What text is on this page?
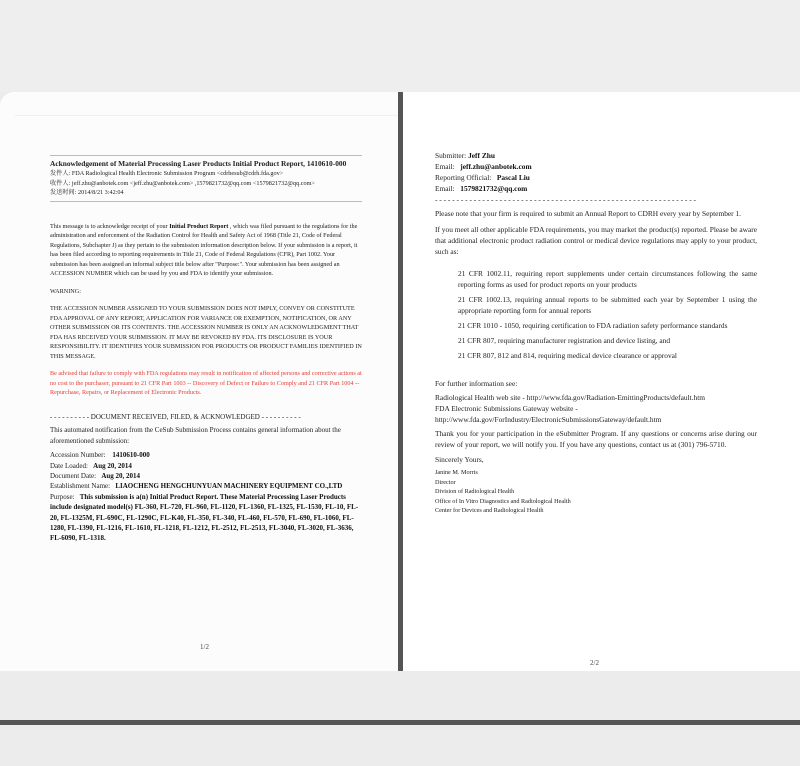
Acknowledgement of Material Processing Laser Products Initial Product Report, 1410610-000

发件人: FDA Radiological Health Electronic Submission Program <cdrhesub@cdrh.fda.gov>

收件人: jeff.zhu@anbotek.com <jeff.zhu@anbotek.com> ,1579821732@qq.com <1579821732@qq.com>

发送时间: 2014/8/21 3:42:04

This message is to acknowledge receipt of your Initial Product Report , which was filed pursuant to the regulations for the administration and enforcement of the Radiation Control for Health and Safety Act of 1968 (Title 21, Code of Federal Regulations, Subchapter J) as they pertain to the submission information description below. If your submission is a report, it has been filed according to reporting requirements in Title 21, Code of Federal Regulations (CFR), Part 1002. Your submission has been assigned an informal subject title below after "Purpose:". Your submission has been assigned an ACCESSION NUMBER which can be used by you and FDA to identify your submission.

WARNING:

THE ACCESSION NUMBER ASSIGNED TO YOUR SUBMISSION DOES NOT IMPLY, CONVEY OR CONSTITUTE FDA APPROVAL OF ANY REPORT, APPLICATION FOR VARIANCE OR EXEMPTION, NOTIFICATION, OR ANY OTHER SUBMISSION OR ITS CONTENTS. THE ACCESSION NUMBER IS ONLY AN ACKNOWLEDGMENT THAT FDA HAS RECEIVED YOUR SUBMISSION. IT MAY BE REVOKED BY FDA. ITS DISCLOSURE IS YOUR RESPONSIBILITY. IT IDENTIFIES YOUR SUBMISSION FOR PRODUCTS OR PRODUCT FAMILIES IDENTIFIED IN THIS MESSAGE.

Be advised that failure to comply with FDA regulations may result in notification of affected persons and corrective actions at no cost to the purchaser, pursuant to 21 CFR Part 1003 -- Discovery of Defect or Failure to Comply and 21 CFR Part 1004 -- Repurchase, Repairs, or Replacement of Electronic Products.

- - - - - - - - - - DOCUMENT RECEIVED, FILED, & ACKNOWLEDGED - - - - - - - - - -

This automated notification from the CeSub Submission Process contains general information about the aforementioned submission:

Accession Number: 1410610-000

Date Loaded: Aug 20, 2014

Document Date: Aug 20, 2014

Establishment Name: LIAOCHENG HENGCHUNYUAN MACHINERY EQUIPMENT CO.,LTD

Purpose: This submission is a(n) Initial Product Report. These Material Processing Laser Products include designated model(s) FL-360, FL-720, FL-960, FL-1120, FL-1360, FL-1325, FL-1530, FL-10, FL-20, FL-1325M, FL-690C, FL-1290C, FL-K40, FL-350, FL-340, FL-460, FL-570, FL-690, FL-1060, FL-1280, FL-1390, FL-1216, FL-1610, FL-1218, FL-1212, FL-2512, FL-2513, FL-3040, FL-3020, FL-3636, FL-6090, FL-1318.

1/2

Submitter: Jeff Zhu

Email: jeff.zhu@anbotek.com

Reporting Official: Pascal Liu

Email: 1579821732@qq.com

- - - - - - - - - - - - - - - - - - - - - - - - - - - - - - - - - - - - - - - - - - - - - - - - - - - - - - - - - - - - -

Please note that your firm is required to submit an Annual Report to CDRH every year by September 1.

If you meet all other applicable FDA requirements, you may market the product(s) reported. Please be aware that additional electronic product radiation control or medical device regulations may apply to your product, such as:

21 CFR 1002.11, requiring report supplements under certain circumstances following the same reporting forms as used for product reports on your products

21 CFR 1002.13, requiring annual reports to be submitted each year by September 1 using the appropriate reporting form for annual reports

21 CFR 1010 - 1050, requiring certification to FDA radiation safety performance standards

21 CFR 807, requiring manufacturer registration and device listing, and

21 CFR 807, 812 and 814, requiring medical device clearance or approval

For further information see:

Radiological Health web site - http://www.fda.gov/Radiation-EmittingProducts/default.htm

FDA Electronic Submissions Gateway website -

http://www.fda.gov/ForIndustry/ElectronicSubmissionsGateway/default.htm

Thank you for your participation in the eSubmitter Program. If any questions or concerns arise during our review of your report, we will notify you. If you have any questions, contact us at (301) 796-5710.

Sincerely Yours,

Janine M. Morris

Director

Division of Radiological Health

Office of In Vitro Diagnostics and Radiological Health

Center for Devices and Radiological Health

2/2
